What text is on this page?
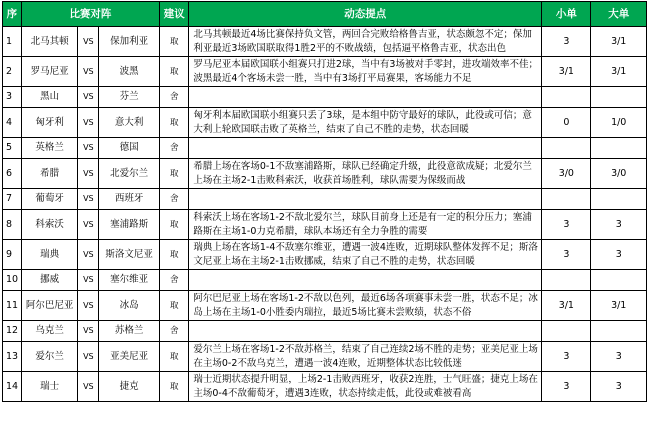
序	比赛对阵			建议	动态提点	小单	大单
1	北马其顿	VS	保加利亚	取	北马其顿最近4场比赛保持负文管，两回合完败给格鲁吉亚，状态颇忽不定；保加利亚最近3场欧国联取得1胜2平的不败战绩，包括逼平格鲁吉亚，状态出色	3	3/1
2	罗马尼亚	VS	波黑	取	罗马尼亚本届欧国联小组赛只打进2球，当中有3场被对手零封，进攻端效率不佳；波黑最近4个客场未尝一胜，当中有3场打平局赛果，客场能力不足	3/1	3/1
3	黑山	VS	芬兰	舍	

4	匈牙利	VS	意大利	取	匈牙利本届欧国联小组赛只丢了3球，是本组中防守最好的球队，此役或可信；意大利上轮欧国联击败了英格兰，结束了自己不胜的走势，状态回暖	0	1/0
5	英格兰	VS	德国	舍	

6	希腊	VS	北爱尔兰	取	希腊上场在客场0-1不敌塞浦路斯，球队已经确定升级，此役意欲成疑；北爱尔兰上场在主场2-1击败科索沃，收获首场胜利，球队需要为保级而战	3/0	3/0
7	葡萄牙	VS	西班牙	舍	

8	科索沃	VS	塞浦路斯	取	科索沃上场在客场1-2不敌北爱尔兰，球队目前身上还是有一定的积分压力；塞浦路斯在主场1-0力克希腊，球队本场还有全力争胜的需要	3	3
9	瑞典	VS	斯洛文尼亚	取	瑞典上场在客场1-4不敌塞尔维亚，遭遇一波4连败，近期球队整体发挥不足；斯洛文尼亚上场在主场2-1击败挪威，结束了自己不胜的走势，状态回暖	3	3
10	挪威	VS	塞尔维亚	舍	

11	阿尔巴尼亚	VS	冰岛	取	阿尔巴尼亚上场在客场1-2不敌以色列，最近6场各项赛事未尝一胜，状态不足；冰岛上场在主场1-0小胜委内瑞拉，最近5场比赛未尝败绩，状态不俗	3/1	3/1
12	乌克兰	VS	苏格兰	舍	

13	爱尔兰	VS	亚美尼亚	取	爱尔兰上场在客场1-2不敌苏格兰，结束了自己连续2场不胜的走势；亚美尼亚上场在主场0-2不敌乌克兰，遭遇一波4连败，近期整体状态比较低迷	3	3
14	瑞士	VS	捷克	取	瑞士近期状态提升明显，上场2-1击败西班牙，收获2连胜，士气旺盛；捷克上场在主场0-4不敌葡萄牙，遭遇3连败，状态持续走低，此役或难被看高	3	3
